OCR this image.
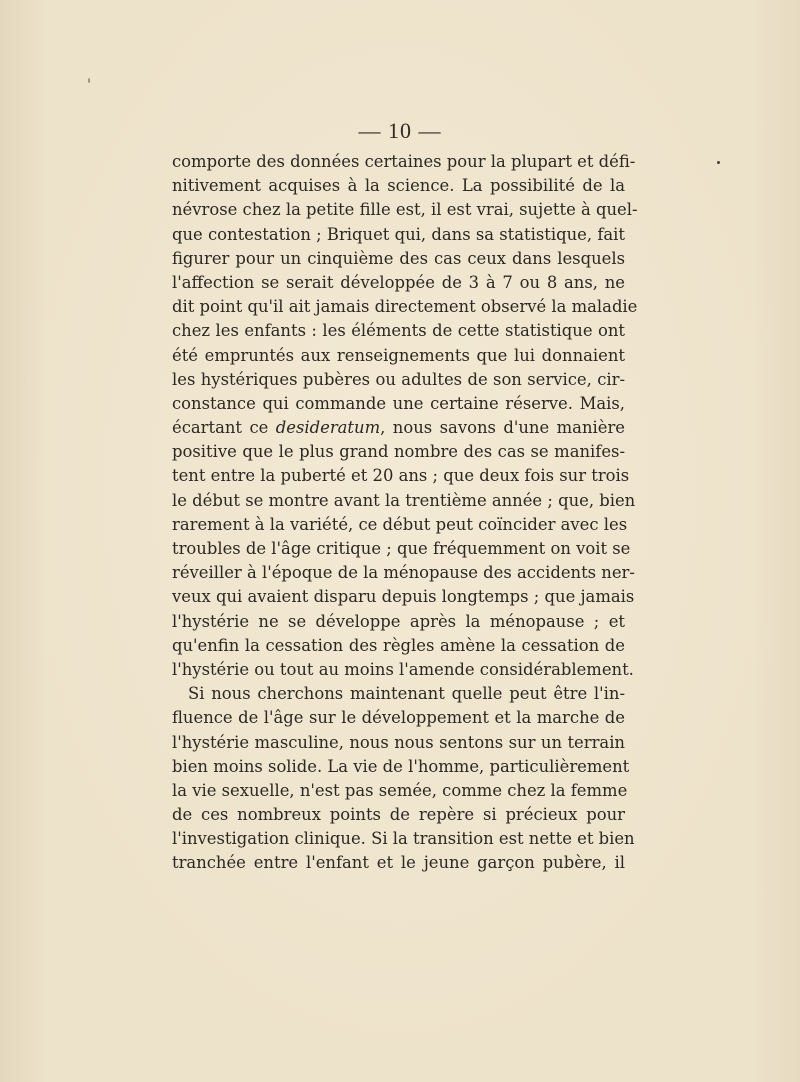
— 10 —
comporte des données certaines pour la plupart et défi-
nitivement acquises à la science. La possibilité de la
névrose chez la petite fille est, il est vrai, sujette à quel-
que contestation ; Briquet qui, dans sa statistique, fait
figurer pour un cinquième des cas ceux dans lesquels
l'affection se serait développée de 3 à 7 ou 8 ans, ne
dit point qu'il ait jamais directement observé la maladie
chez les enfants : les éléments de cette statistique ont
été empruntés aux renseignements que lui donnaient
les hystériques pubères ou adultes de son service, cir-
constance qui commande une certaine réserve. Mais,
écartant ce desideratum, nous savons d'une manière
positive que le plus grand nombre des cas se manifes-
tent entre la puberté et 20 ans ; que deux fois sur trois
le début se montre avant la trentième année ; que, bien
rarement à la variété, ce début peut coïncider avec les
troubles de l'âge critique ; que fréquemment on voit se
réveiller à l'époque de la ménopause des accidents ner-
veux qui avaient disparu depuis longtemps ; que jamais
l'hystérie ne se développe après la ménopause ; et
qu'enfin la cessation des règles amène la cessation de
l'hystérie ou tout au moins l'amende considérablement.
Si nous cherchons maintenant quelle peut être l'in-
fluence de l'âge sur le développement et la marche de
l'hystérie masculine, nous nous sentons sur un terrain
bien moins solide. La vie de l'homme, particulièrement
la vie sexuelle, n'est pas semée, comme chez la femme
de ces nombreux points de repère si précieux pour
l'investigation clinique. Si la transition est nette et bien
tranchée entre l'enfant et le jeune garçon pubère, il
